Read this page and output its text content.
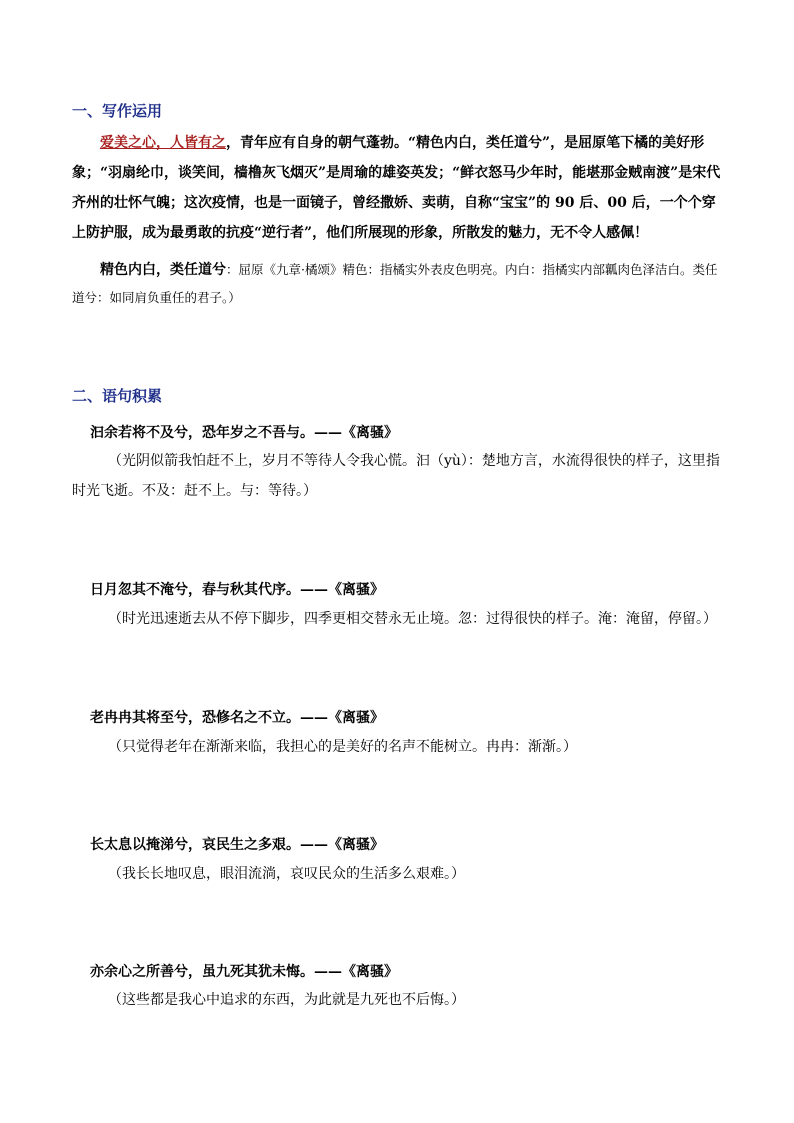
一、写作运用

爱美之心，人皆有之，青年应有自身的朝气蓬勃。“精色内白，类任道兮”，是屈原笔下橘的美好形象；“羽扇纶巾，谈笑间，樯橹灰飞烟灭”是周瑜的雄姿英发；“鲜衣怒马少年时，能堪那金贼南渡”是宋代齐州的壮怀气魄；这次疫情，也是一面镜子，曾经撒娇、卖萌，自称“宝宝”的 90 后、00 后，一个个穿上防护服，成为最勇敢的抗疫“逆行者”，他们所展现的形象，所散发的魅力，无不令人感佩！

精色内白，类任道兮：屈原《九章·橘颂》精色：指橘实外表皮色明亮。内白：指橘实内部瓤肉色泽洁白。类任道兮：如同肩负重任的君子。）

二、语句积累

汩余若将不及兮，恐年岁之不吾与。——《离骚》

（光阴似箭我怕赶不上，岁月不等待人令我心慌。汩（yù）：楚地方言，水流得很快的样子，这里指时光飞逝。不及：赶不上。与：等待。）

日月忽其不淹兮，春与秋其代序。——《离骚》

（时光迅速逝去从不停下脚步，四季更相交替永无止境。忽：过得很快的样子。淹：淹留，停留。）

老冉冉其将至兮，恐修名之不立。——《离骚》

（只觉得老年在渐渐来临，我担心的是美好的名声不能树立。冉冉：渐渐。）

长太息以掩涕兮，哀民生之多艰。——《离骚》

（我长长地叹息，眼泪流淌，哀叹民众的生活多么艰难。）

亦余心之所善兮，虽九死其犹未悔。——《离骚》

（这些都是我心中追求的东西，为此就是九死也不后悔。）
